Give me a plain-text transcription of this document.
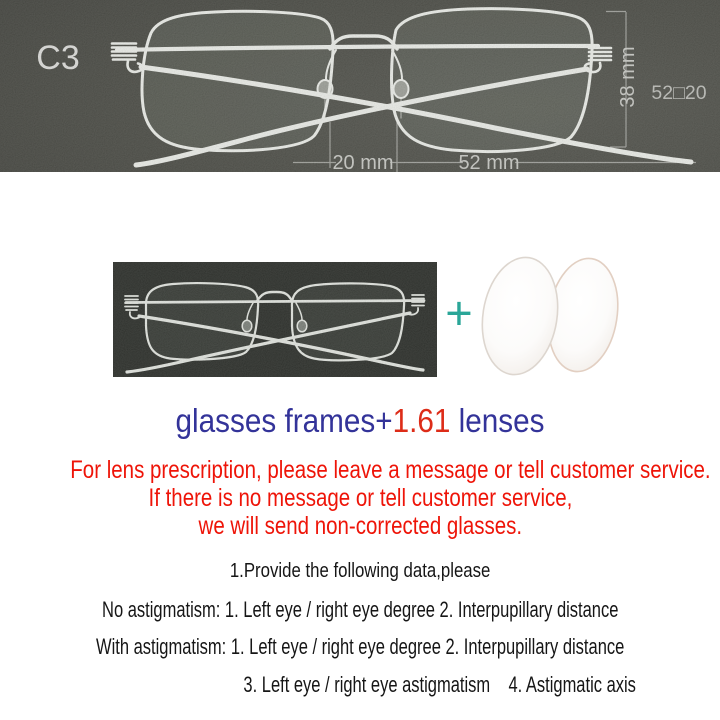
+
glasses frames+1.61 lenses
For lens prescription, please leave a message or tell customer service.
If there is no message or tell customer service,
we will send non-corrected glasses.
1.Provide the following data,please
No astigmatism: 1. Left eye / right eye degree 2. Interpupillary distance
With astigmatism: 1. Left eye / right eye degree 2. Interpupillary distance
3. Left eye / right eye astigmatism    4. Astigmatic axis
